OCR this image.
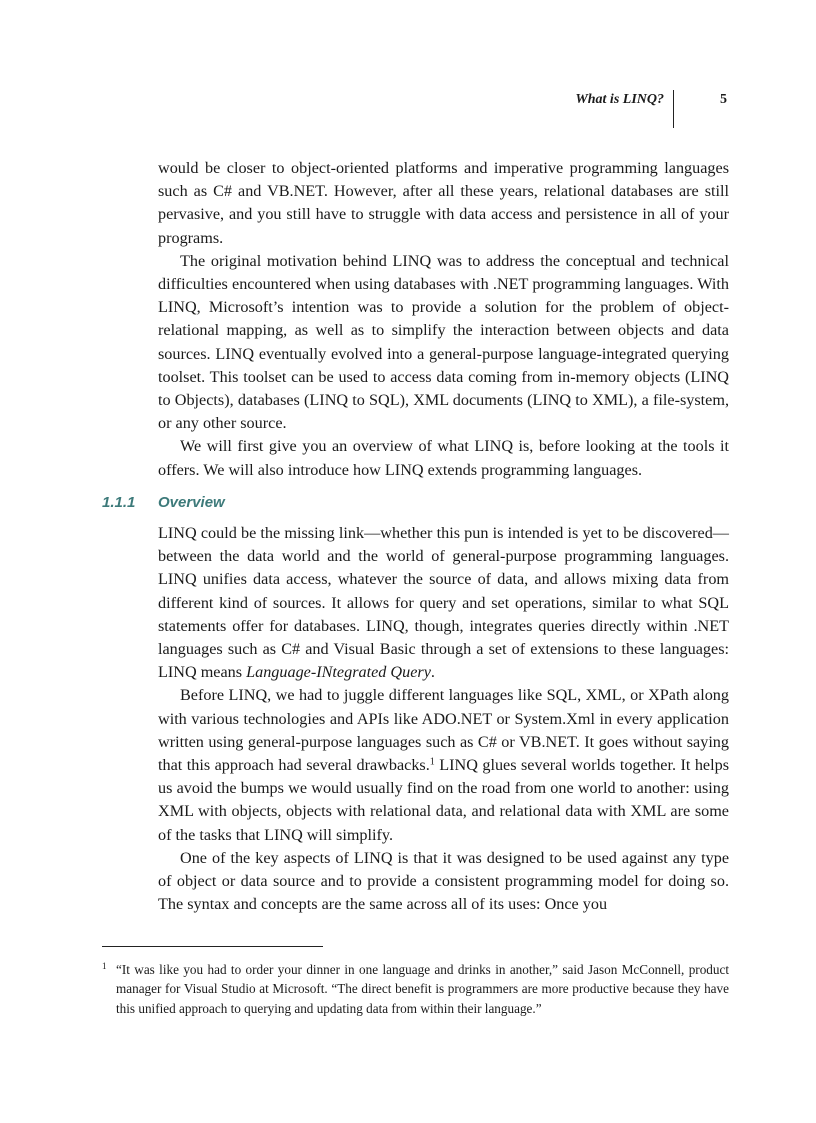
What is LINQ?	5

would be closer to object-oriented platforms and imperative programming languages such as C# and VB.NET. However, after all these years, relational databases are still pervasive, and you still have to struggle with data access and persistence in all of your programs.

The original motivation behind LINQ was to address the conceptual and technical difficulties encountered when using databases with .NET programming languages. With LINQ, Microsoft’s intention was to provide a solution for the problem of object-relational mapping, as well as to simplify the interaction between objects and data sources. LINQ eventually evolved into a general-purpose language-integrated querying toolset. This toolset can be used to access data coming from in-memory objects (LINQ to Objects), databases (LINQ to SQL), XML documents (LINQ to XML), a file-system, or any other source.

We will first give you an overview of what LINQ is, before looking at the tools it offers. We will also introduce how LINQ extends programming languages.

1.1.1 Overview

LINQ could be the missing link—whether this pun is intended is yet to be discovered—between the data world and the world of general-purpose programming languages. LINQ unifies data access, whatever the source of data, and allows mixing data from different kind of sources. It allows for query and set operations, similar to what SQL statements offer for databases. LINQ, though, integrates queries directly within .NET languages such as C# and Visual Basic through a set of extensions to these languages: LINQ means Language-INtegrated Query.

Before LINQ, we had to juggle different languages like SQL, XML, or XPath along with various technologies and APIs like ADO.NET or System.Xml in every application written using general-purpose languages such as C# or VB.NET. It goes without saying that this approach had several drawbacks.$^1$ LINQ glues several worlds together. It helps us avoid the bumps we would usually find on the road from one world to another: using XML with objects, objects with relational data, and relational data with XML are some of the tasks that LINQ will simplify.

One of the key aspects of LINQ is that it was designed to be used against any type of object or data source and to provide a consistent programming model for doing so. The syntax and concepts are the same across all of its uses: Once you

1 “It was like you had to order your dinner in one language and drinks in another,” said Jason McConnell, product manager for Visual Studio at Microsoft. “The direct benefit is programmers are more productive because they have this unified approach to querying and updating data from within their language.”
